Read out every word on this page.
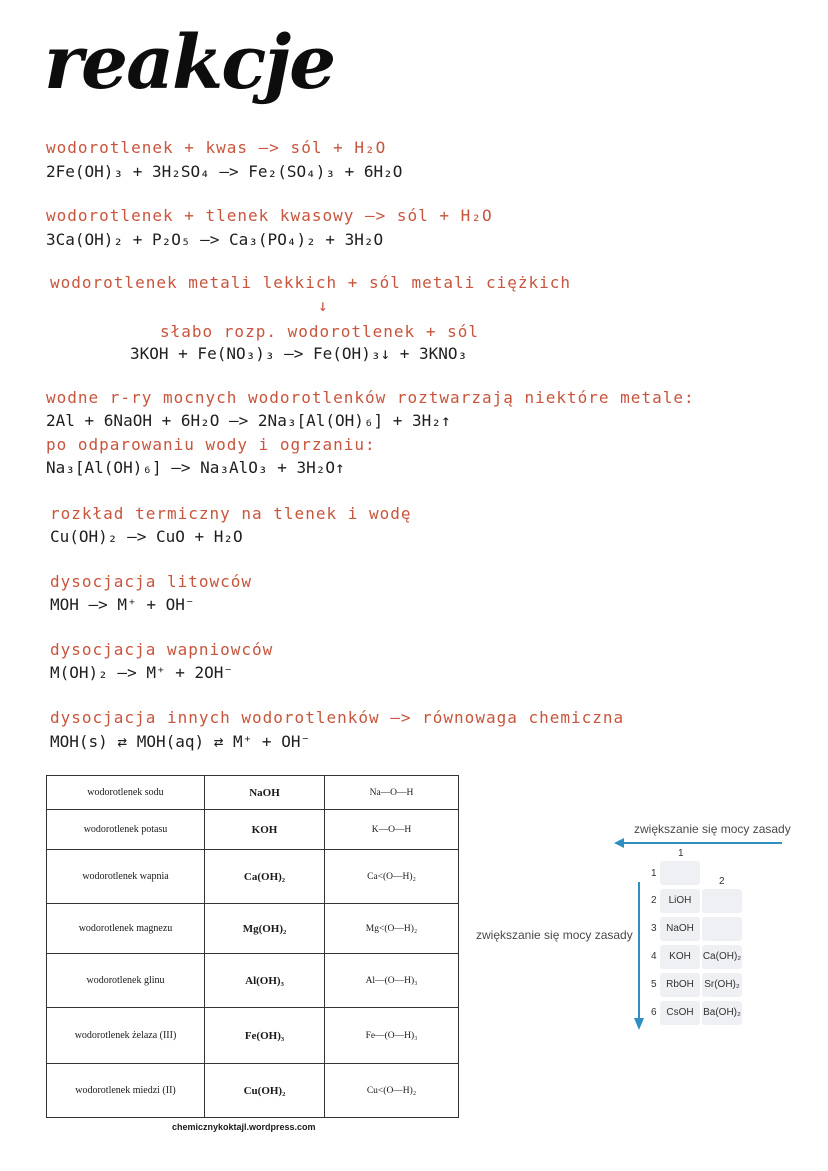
reakcje
wodorotlenek + kwas —> sól + H₂O
2Fe(OH)₃ + 3H₂SO₄ —> Fe₂(SO₄)₃ + 6H₂O
wodorotlenek + tlenek kwasowy —> sól + H₂O
3Ca(OH)₂ + P₂O₅ —> Ca₃(PO₄)₂ + 3H₂O
wodorotlenek metali lekkich + sól metali ciężkich
↓
słabo rozp. wodorotlenek + sól
3KOH + Fe(NO₃)₃ —> Fe(OH)₃↓ + 3KNO₃
wodne r-ry mocnych wodorotlenków roztwarzają niektóre metale:
2Al + 6NaOH + 6H₂O —> 2Na₃[Al(OH)₆] + 3H₂↑
po odparowaniu wody i ogrzaniu:
Na₃[Al(OH)₆] —> Na₃AlO₃ + 3H₂O↑
rozkład termiczny na tlenek i wodę
Cu(OH)₂ —> CuO + H₂O
dysocjacja litowców
MOH —> M⁺ + OH⁻
dysocjacja wapniowców
M(OH)₂ —> M⁺ + 2OH⁻
dysocjacja innych wodorotlenków —> równowaga chemiczna
MOH(s) ⇄ MOH(aq) ⇄ M⁺ + OH⁻
wodorotlenek sodu	NaOH	Na—O—H
wodorotlenek potasu	KOH	K—O—H
wodorotlenek wapnia	Ca(OH)₂	Ca<(O—H)₂
wodorotlenek magnezu	Mg(OH)₂	Mg<(O—H)₂
wodorotlenek glinu	Al(OH)₃	Al—(O—H)₃
wodorotlenek żelaza (III)	Fe(OH)₃	Fe—(O—H)₃
wodorotlenek miedzi (II)	Cu(OH)₂	Cu<(O—H)₂
chemicznykoktajl.wordpress.com
zwiększanie się mocy zasady
zwiększanie się mocy zasady
1
2
1
2	LiOH
3 NaOH
4	KOH	Ca(OH)₂
5 RbOH	Sr(OH)₂
6 CsOH Ba(OH)₂
